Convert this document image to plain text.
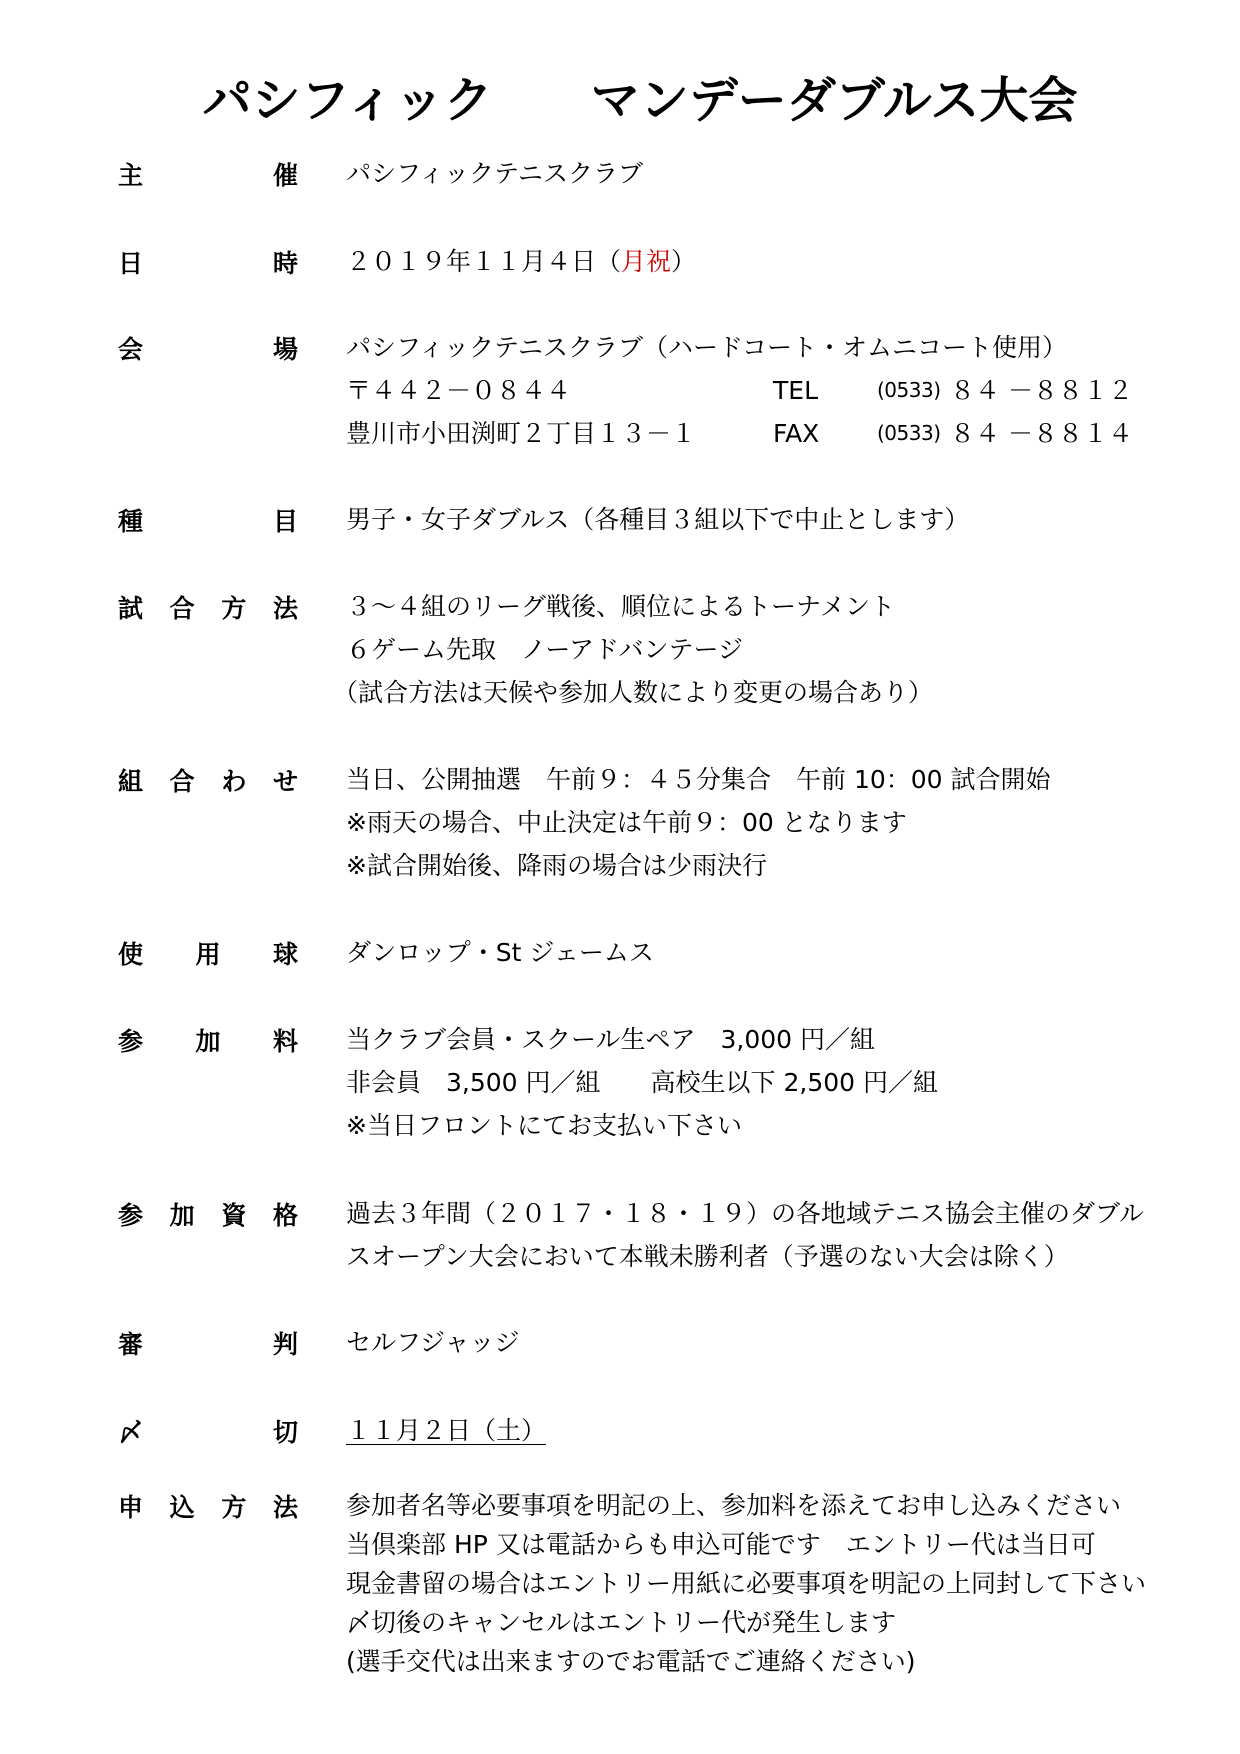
パシフィック　　マンデーダブルス大会
主	催 パシフィックテニスクラブ
日	時 ２０１９年１１月４日（月祝）
会	場 パシフィックテニスクラブ（ハードコート・オムニコート使用）
〒４４２－０８４４	TEL	(0533) ８４ －８８１２
豊川市小田渕町２丁目１３－１	FAX	(0533) ８４ －８８１４
種	目 男子・女子ダブルス（各種目３組以下で中止とします）
試 合 方 法 ３～４組のリーグ戦後、順位によるトーナメント
６ゲーム先取　ノーアドバンテージ
（試合方法は天候や参加人数により変更の場合あり）
組 合 わ せ 当日、公開抽選　午前９：４５分集合　午前 10：00 試合開始
※雨天の場合、中止決定は午前９：00 となります
※試合開始後、降雨の場合は少雨決行
使 用 球 ダンロップ・St ジェームス
参 加 料 当クラブ会員・スクール生ペア　3,000 円／組
非会員　3,500 円／組　　高校生以下 2,500 円／組
※当日フロントにてお支払い下さい
参 加 資 格 過去３年間（２０１７・１８・１９）の各地域テニス協会主催のダブル
スオープン大会において本戦未勝利者（予選のない大会は除く）
審	判 セルフジャッジ
〆	切 １１月２日（土）
申 込 方 法 参加者名等必要事項を明記の上、参加料を添えてお申し込みください
当倶楽部 HP 又は電話からも申込可能です　エントリー代は当日可
現金書留の場合はエントリー用紙に必要事項を明記の上同封して下さい
〆切後のキャンセルはエントリー代が発生します
(選手交代は出来ますのでお電話でご連絡ください)
